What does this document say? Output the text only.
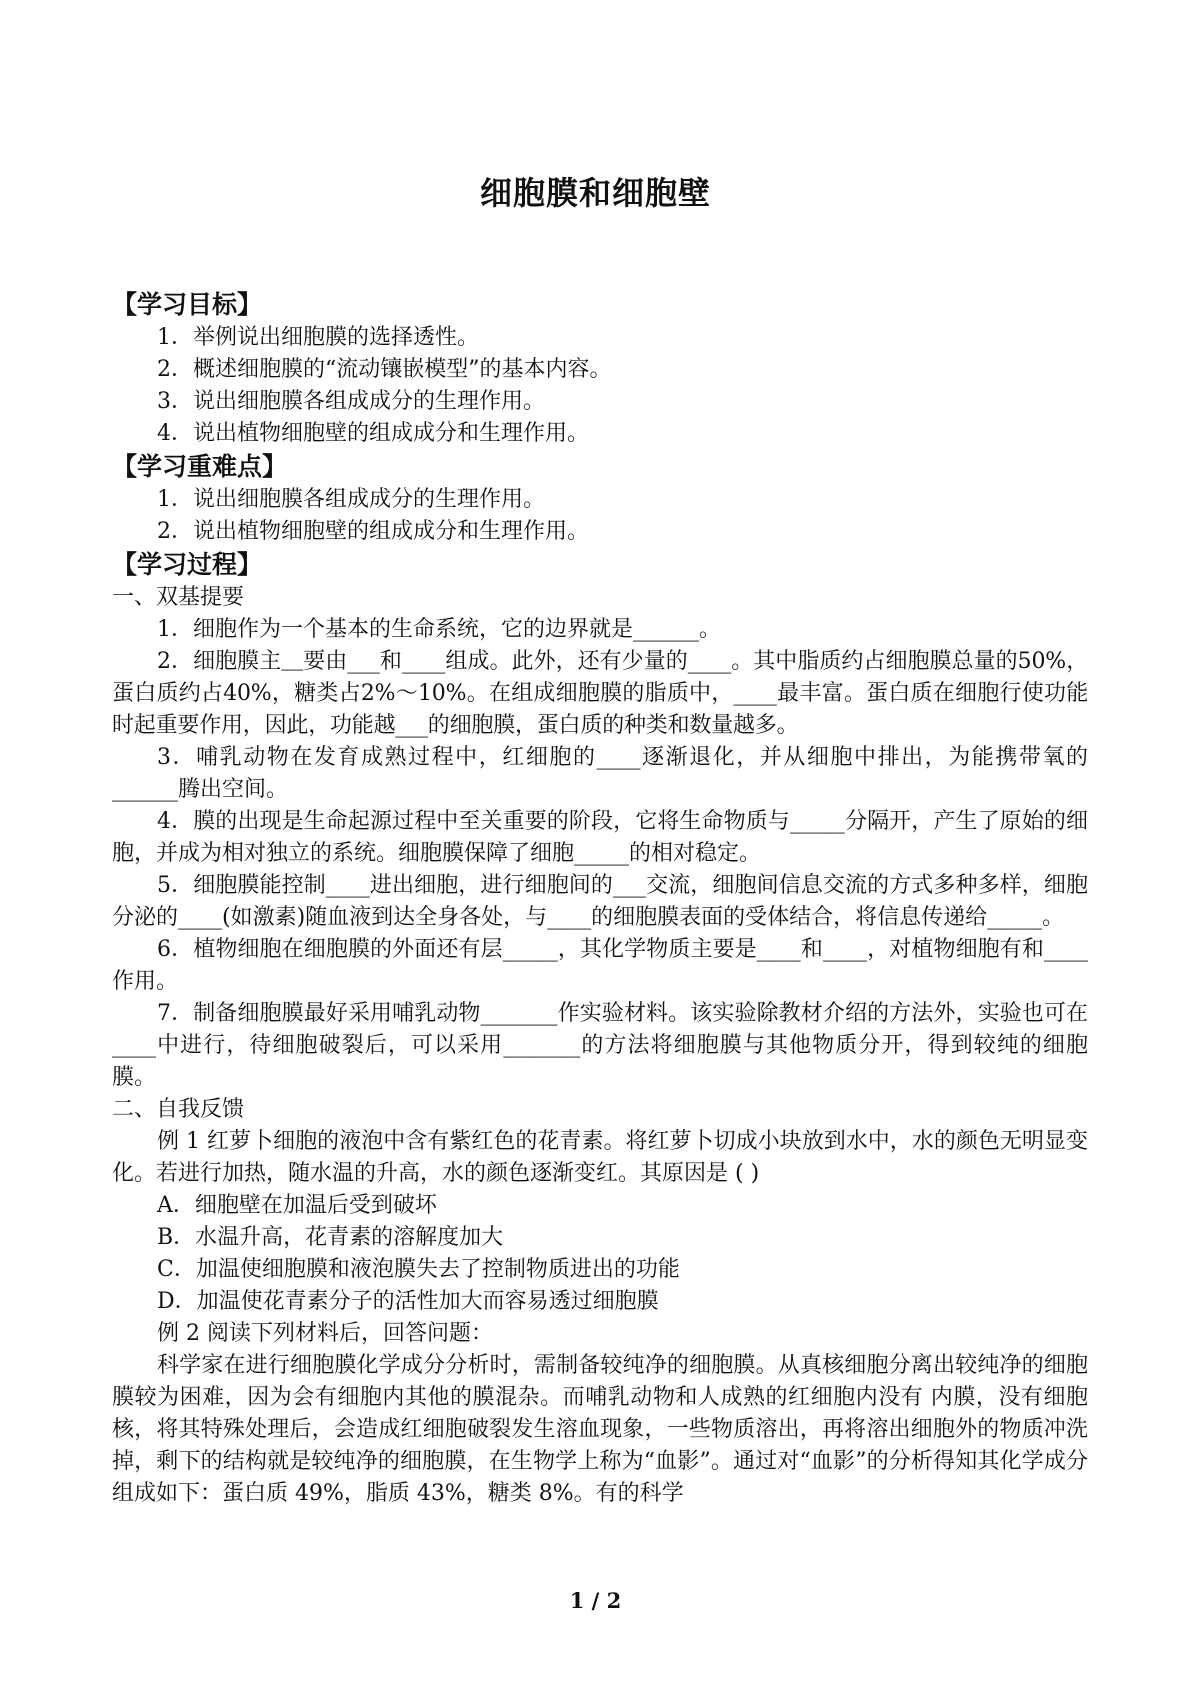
细胞膜和细胞壁
【学习目标】
1．举例说出细胞膜的选择透性。
2．概述细胞膜的“流动镶嵌模型”的基本内容。
3．说出细胞膜各组成成分的生理作用。
4．说出植物细胞壁的组成成分和生理作用。
【学习重难点】
1．说出细胞膜各组成成分的生理作用。
2．说出植物细胞壁的组成成分和生理作用。
【学习过程】
一、双基提要
1．细胞作为一个基本的生命系统，它的边界就是______。
2．细胞膜主＿要由___和____组成。此外，还有少量的____。其中脂质约占细胞膜总量的50%，蛋白质约占40%，糖类占2%～10%。在组成细胞膜的脂质中，____最丰富。蛋白质在细胞行使功能时起重要作用，因此，功能越___的细胞膜，蛋白质的种类和数量越多。
3．哺乳动物在发育成熟过程中，红细胞的____逐渐退化，并从细胞中排出，为能携带氧的______腾出空间。
4．膜的出现是生命起源过程中至关重要的阶段，它将生命物质与_____分隔开，产生了原始的细胞，并成为相对独立的系统。细胞膜保障了细胞_____的相对稳定。
5．细胞膜能控制____进出细胞，进行细胞间的___交流，细胞间信息交流的方式多种多样，细胞分泌的____(如激素)随血液到达全身各处，与____的细胞膜表面的受体结合，将信息传递给_____。
6．植物细胞在细胞膜的外面还有层_____，其化学物质主要是____和____，对植物细胞有和____作用。
7．制备细胞膜最好采用哺乳动物_______作实验材料。该实验除教材介绍的方法外，实验也可在____中进行，待细胞破裂后，可以采用_______的方法将细胞膜与其他物质分开，得到较纯的细胞膜。
二、自我反馈
例 1 红萝卜细胞的液泡中含有紫红色的花青素。将红萝卜切成小块放到水中，水的颜色无明显变化。若进行加热，随水温的升高，水的颜色逐渐变红。其原因是 ( )
A．细胞壁在加温后受到破坏
B．水温升高，花青素的溶解度加大
C．加温使细胞膜和液泡膜失去了控制物质进出的功能
D．加温使花青素分子的活性加大而容易透过细胞膜
例 2 阅读下列材料后，回答问题：
科学家在进行细胞膜化学成分分析时，需制备较纯净的细胞膜。从真核细胞分离出较纯净的细胞膜较为困难，因为会有细胞内其他的膜混杂。而哺乳动物和人成熟的红细胞内没有 内膜，没有细胞核，将其特殊处理后，会造成红细胞破裂发生溶血现象，一些物质溶出，再将溶出细胞外的物质冲洗掉，剩下的结构就是较纯净的细胞膜，在生物学上称为“血影”。通过对“血影”的分析得知其化学成分组成如下：蛋白质 49%，脂质 43%，糖类 8%。有的科学
1 / 2
